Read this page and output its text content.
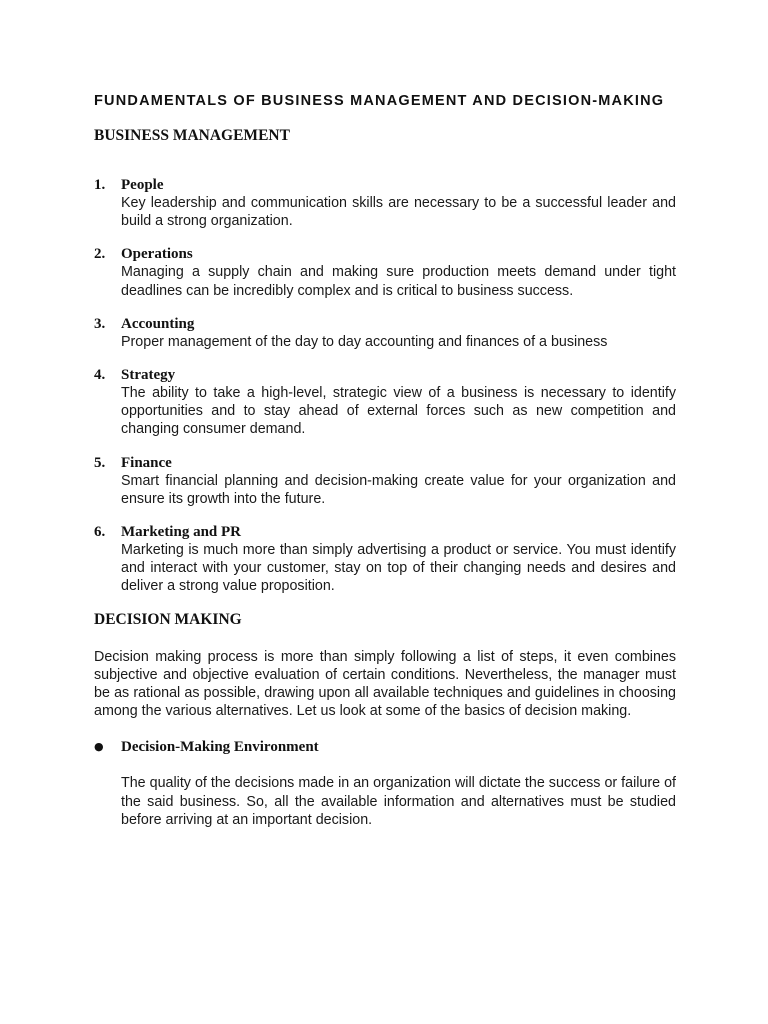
FUNDAMENTALS OF BUSINESS MANAGEMENT AND DECISION-MAKING
BUSINESS MANAGEMENT
1. People

Key leadership and communication skills are necessary to be a successful leader and build a strong organization.

2. Operations

Managing a supply chain and making sure production meets demand under tight deadlines can be incredibly complex and is critical to business success.

3. Accounting

Proper management of the day to day accounting and finances of a business

4. Strategy

The ability to take a high-level, strategic view of a business is necessary to identify opportunities and to stay ahead of external forces such as new competition and changing consumer demand.

5. Finance

Smart financial planning and decision-making create value for your organization and ensure its growth into the future.

6. Marketing and PR

Marketing is much more than simply advertising a product or service. You must identify and interact with your customer, stay on top of their changing needs and desires and deliver a strong value proposition.

DECISION MAKING

Decision making process is more than simply following a list of steps, it even combines subjective and objective evaluation of certain conditions. Nevertheless, the manager must be as rational as possible, drawing upon all available techniques and guidelines in choosing among the various alternatives. Let us look at some of the basics of decision making.

● Decision-Making Environment

The quality of the decisions made in an organization will dictate the success or failure of the said business. So, all the available information and alternatives must be studied before arriving at an important decision.
